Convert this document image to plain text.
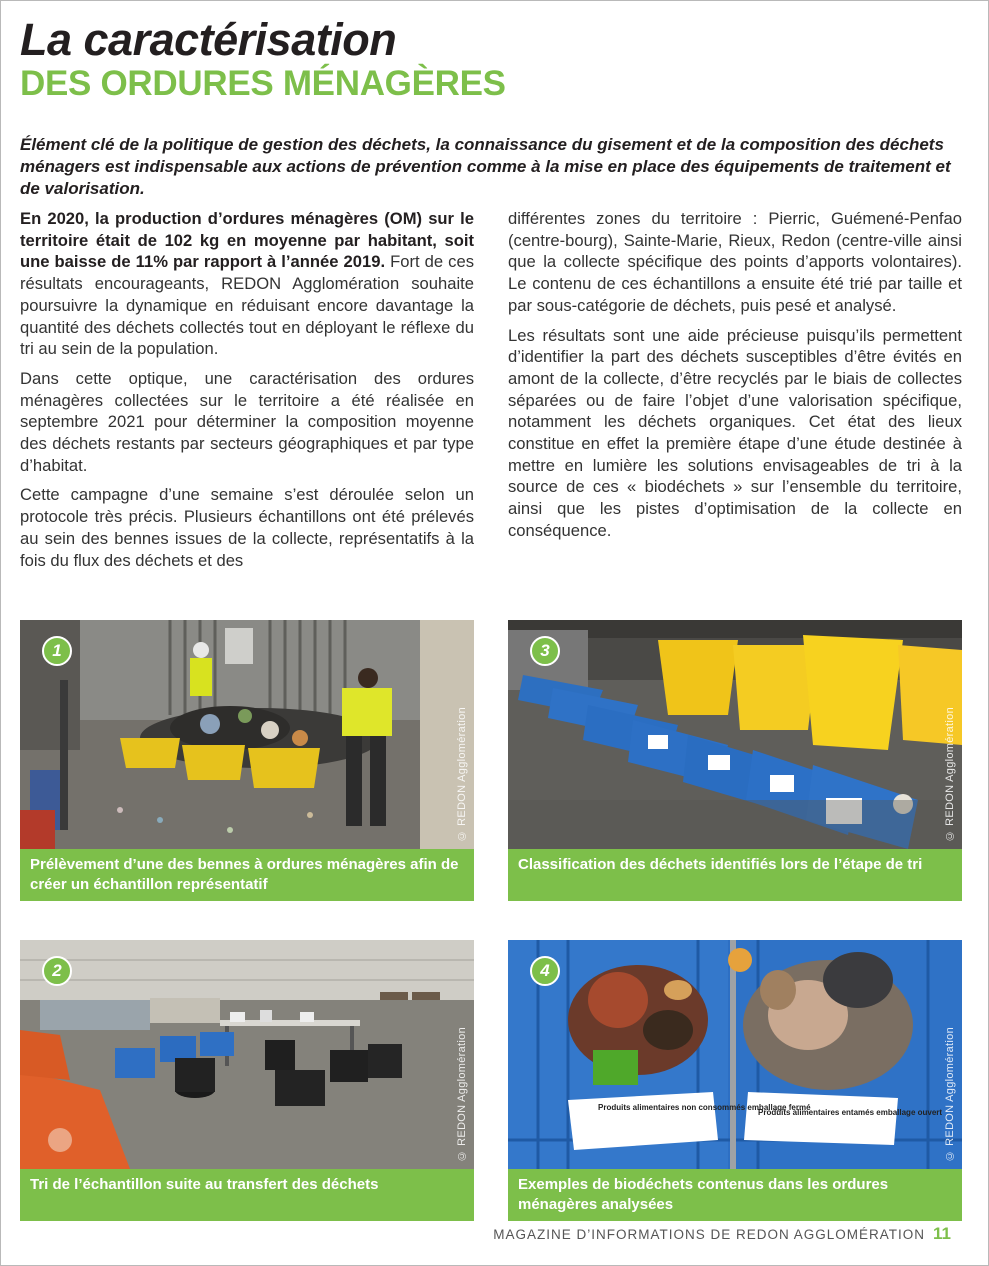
La caractérisation
DES ORDURES MÉNAGÈRES

Élément clé de la politique de gestion des déchets, la connaissance du gisement et de la composition des déchets ménagers est indispensable aux actions de prévention comme à la mise en place des équipements de traitement et de valorisation.

En 2020, la production d’ordures ménagères (OM) sur le territoire était de 102 kg en moyenne par habitant, soit une baisse de 11% par rapport à l’année 2019. Fort de ces résultats encourageants, REDON Agglomération souhaite poursuivre la dynamique en réduisant encore davantage la quantité des déchets collectés tout en déployant le réflexe du tri au sein de la population.

Dans cette optique, une caractérisation des ordures ménagères collectées sur le territoire a été réalisée en septembre 2021 pour déterminer la composition moyenne des déchets restants par secteurs géographiques et par type d’habitat.

Cette campagne d’une semaine s’est déroulée selon un protocole très précis. Plusieurs échantillons ont été prélevés au sein des bennes issues de la collecte, représentatifs à la fois du flux des déchets et des

différentes zones du territoire : Pierric, Guémené-Penfao (centre-bourg), Sainte-Marie, Rieux, Redon (centre-ville ainsi que la collecte spécifique des points d’apports volontaires). Le contenu de ces échantillons a ensuite été trié par taille et par sous-catégorie de déchets, puis pesé et analysé.

Les résultats sont une aide précieuse puisqu’ils permettent d’identifier la part des déchets susceptibles d’être évités en amont de la collecte, d’être recyclés par le biais de collectes séparées ou de faire l’objet d’une valorisation spécifique, notamment les déchets organiques. Cet état des lieux constitue en effet la première étape d’une étude destinée à mettre en lumière les solutions envisageables de tri à la source de ces « biodéchets » sur l’ensemble du territoire, ainsi que les pistes d’optimisation de la collecte en conséquence.

1
© REDON Agglomération
Prélèvement d’une des bennes à ordures ménagères afin de créer un échantillon représentatif
3
© REDON Agglomération
Classification des déchets identifiés lors de l’étape de tri
2
© REDON Agglomération
Tri de l’échantillon suite au transfert des déchets
Produits alimentaires non consommés emballage fermé
Produits alimentaires entamés emballage ouvert
4
© REDON Agglomération
Exemples de biodéchets contenus dans les ordures ménagères analysées
MAGAZINE D’INFORMATIONS DE REDON AGGLOMÉRATION 11
